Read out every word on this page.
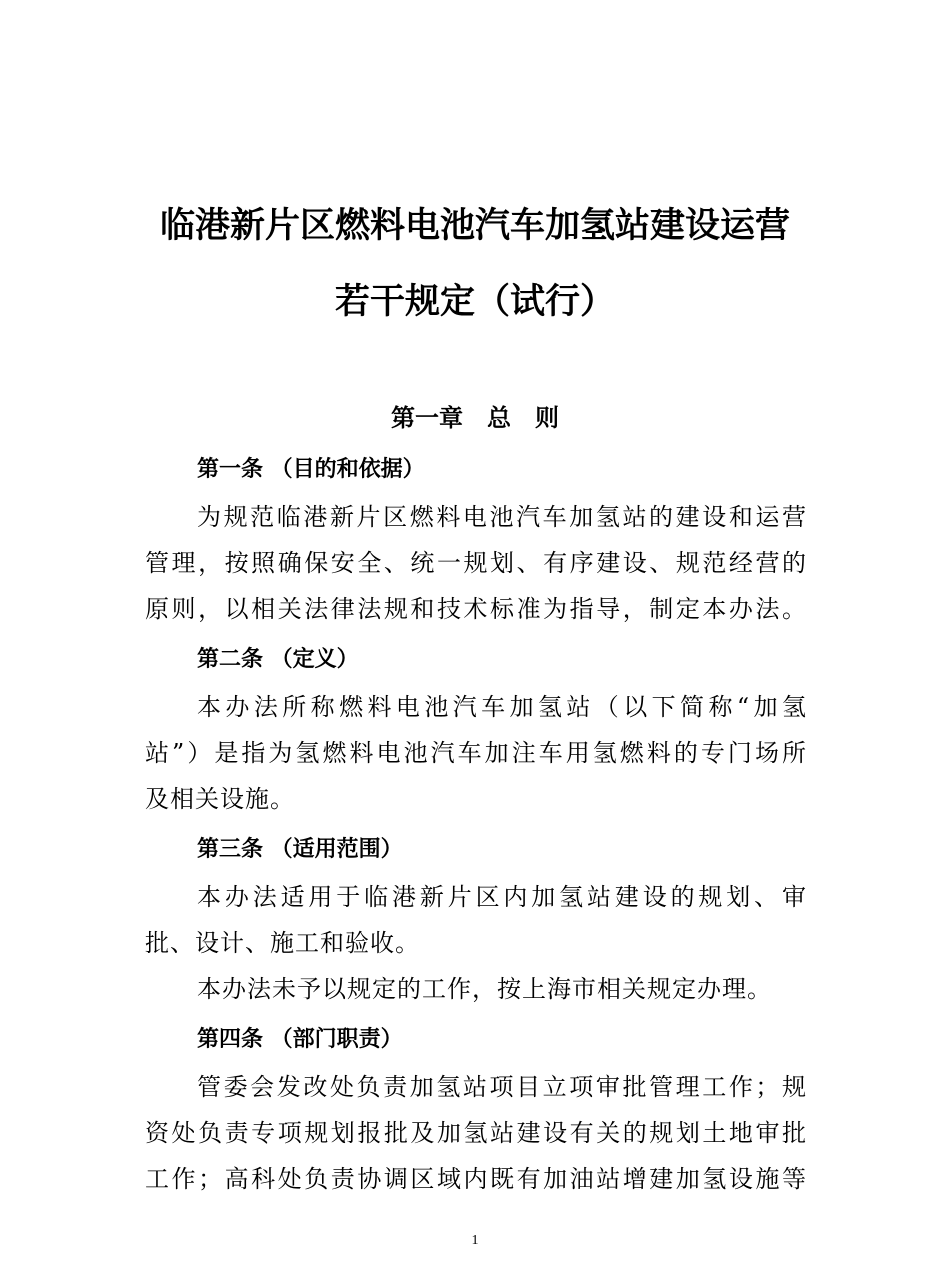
临港新片区燃料电池汽车加氢站建设运营
若干规定（试行）
第一章　总　则

第一条 （目的和依据）

为规范临港新片区燃料电池汽车加氢站的建设和运营
管理，按照确保安全、统一规划、有序建设、规范经营的
原则，以相关法律法规和技术标准为指导，制定本办法。

第二条 （定义）

本办法所称燃料电池汽车加氢站（以下简称“加氢
站”）是指为氢燃料电池汽车加注车用氢燃料的专门场所
及相关设施。

第三条 （适用范围）

本办法适用于临港新片区内加氢站建设的规划、审
批、设计、施工和验收。
本办法未予以规定的工作，按上海市相关规定办理。

第四条 （部门职责）

管委会发改处负责加氢站项目立项审批管理工作；规
资处负责专项规划报批及加氢站建设有关的规划土地审批
工作；高科处负责协调区域内既有加油站增建加氢设施等
1
